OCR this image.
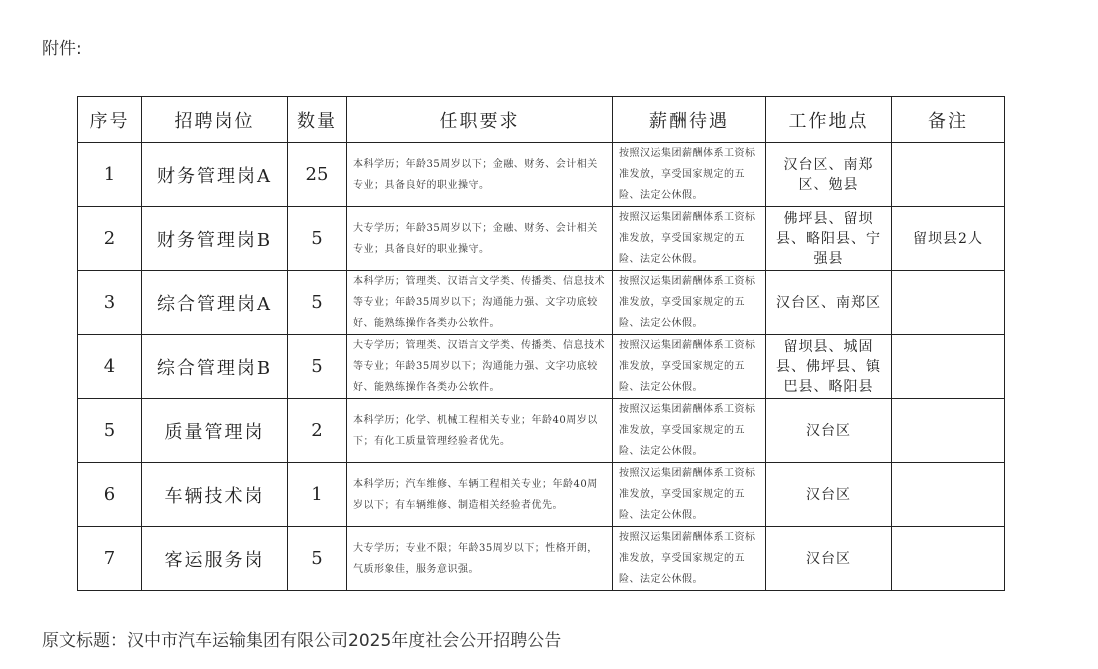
附件:
序号	招聘岗位	数量	任职要求	薪酬待遇	工作地点	备注
1	财务管理岗A	25	本科学历；年龄35周岁以下；金融、财务、会计相关专业；具备良好的职业操守。	按照汉运集团薪酬体系工资标准发放，享受国家规定的五险、法定公休假。	汉台区、南郑区、勉县	
2	财务管理岗B	5	大专学历；年龄35周岁以下；金融、财务、会计相关专业；具备良好的职业操守。	按照汉运集团薪酬体系工资标准发放，享受国家规定的五险、法定公休假。	佛坪县、留坝县、略阳县、宁强县	留坝县2人
3	综合管理岗A	5	本科学历；管理类、汉语言文学类、传播类、信息技术等专业；年龄35周岁以下；沟通能力强、文字功底较好、能熟练操作各类办公软件。	按照汉运集团薪酬体系工资标准发放，享受国家规定的五险、法定公休假。	汉台区、南郑区	
4	综合管理岗B	5	大专学历；管理类、汉语言文学类、传播类、信息技术等专业；年龄35周岁以下；沟通能力强、文字功底较好、能熟练操作各类办公软件。	按照汉运集团薪酬体系工资标准发放，享受国家规定的五险、法定公休假。	留坝县、城固县、佛坪县、镇巴县、略阳县	
5	质量管理岗	2	本科学历；化学、机械工程相关专业；年龄40周岁以下；有化工质量管理经验者优先。	按照汉运集团薪酬体系工资标准发放，享受国家规定的五险、法定公休假。	汉台区	
6	车辆技术岗	1	本科学历；汽车维修、车辆工程相关专业；年龄40周岁以下；有车辆维修、制造相关经验者优先。	按照汉运集团薪酬体系工资标准发放，享受国家规定的五险、法定公休假。	汉台区	
7	客运服务岗	5	大专学历；专业不限；年龄35周岁以下；性格开朗，气质形象佳，服务意识强。	按照汉运集团薪酬体系工资标准发放，享受国家规定的五险、法定公休假。	汉台区	
原文标题：汉中市汽车运输集团有限公司2025年度社会公开招聘公告
